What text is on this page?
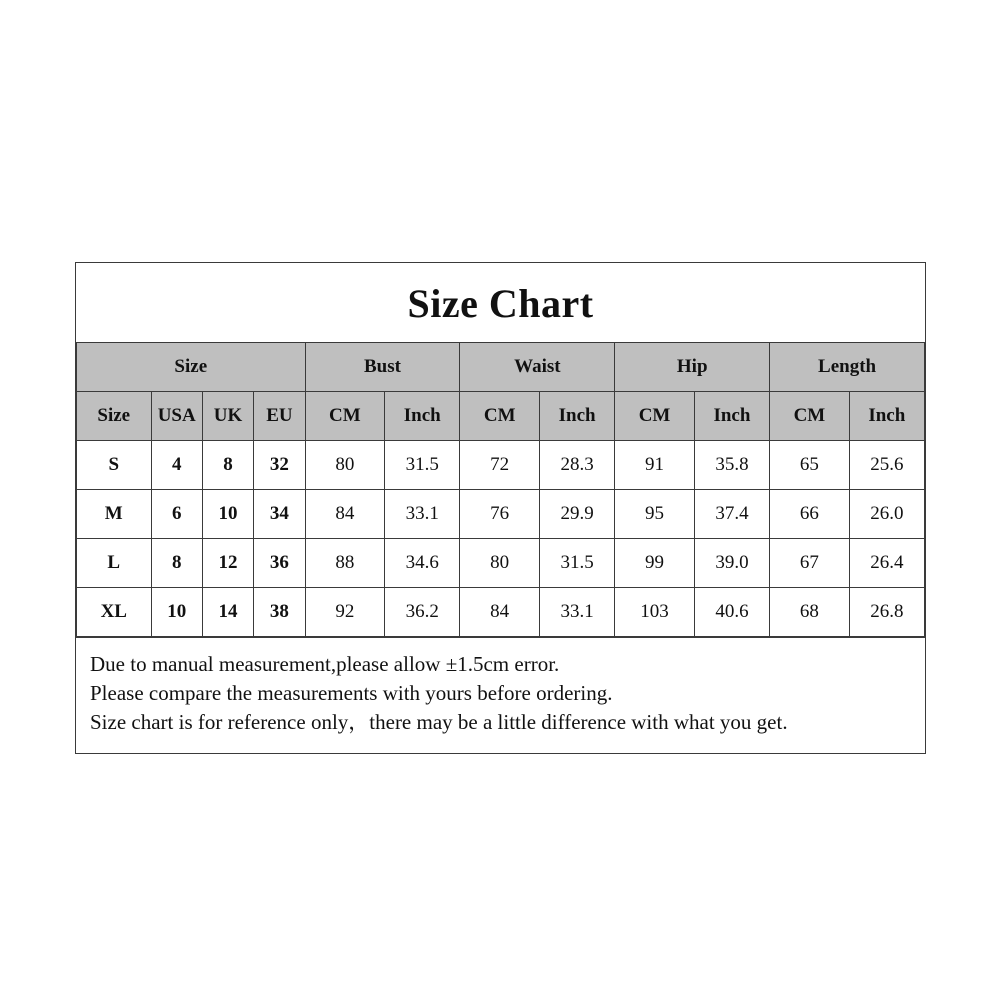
Size Chart
Size				Bust		Waist		Hip		Length	
Size	USA	UK	EU	CM	Inch	CM	Inch	CM	Inch	CM	Inch
S	4	8	32	80	31.5	72	28.3	91	35.8	65	25.6
M	6	10	34	84	33.1	76	29.9	95	37.4	66	26.0
L	8	12	36	88	34.6	80	31.5	99	39.0	67	26.4
XL	10	14	38	92	36.2	84	33.1	103	40.6	68	26.8
Due to manual measurement,please allow ±1.5cm error.
Please compare the measurements with yours before ordering.
Size chart is for reference only，there may be a little difference with what you get.
